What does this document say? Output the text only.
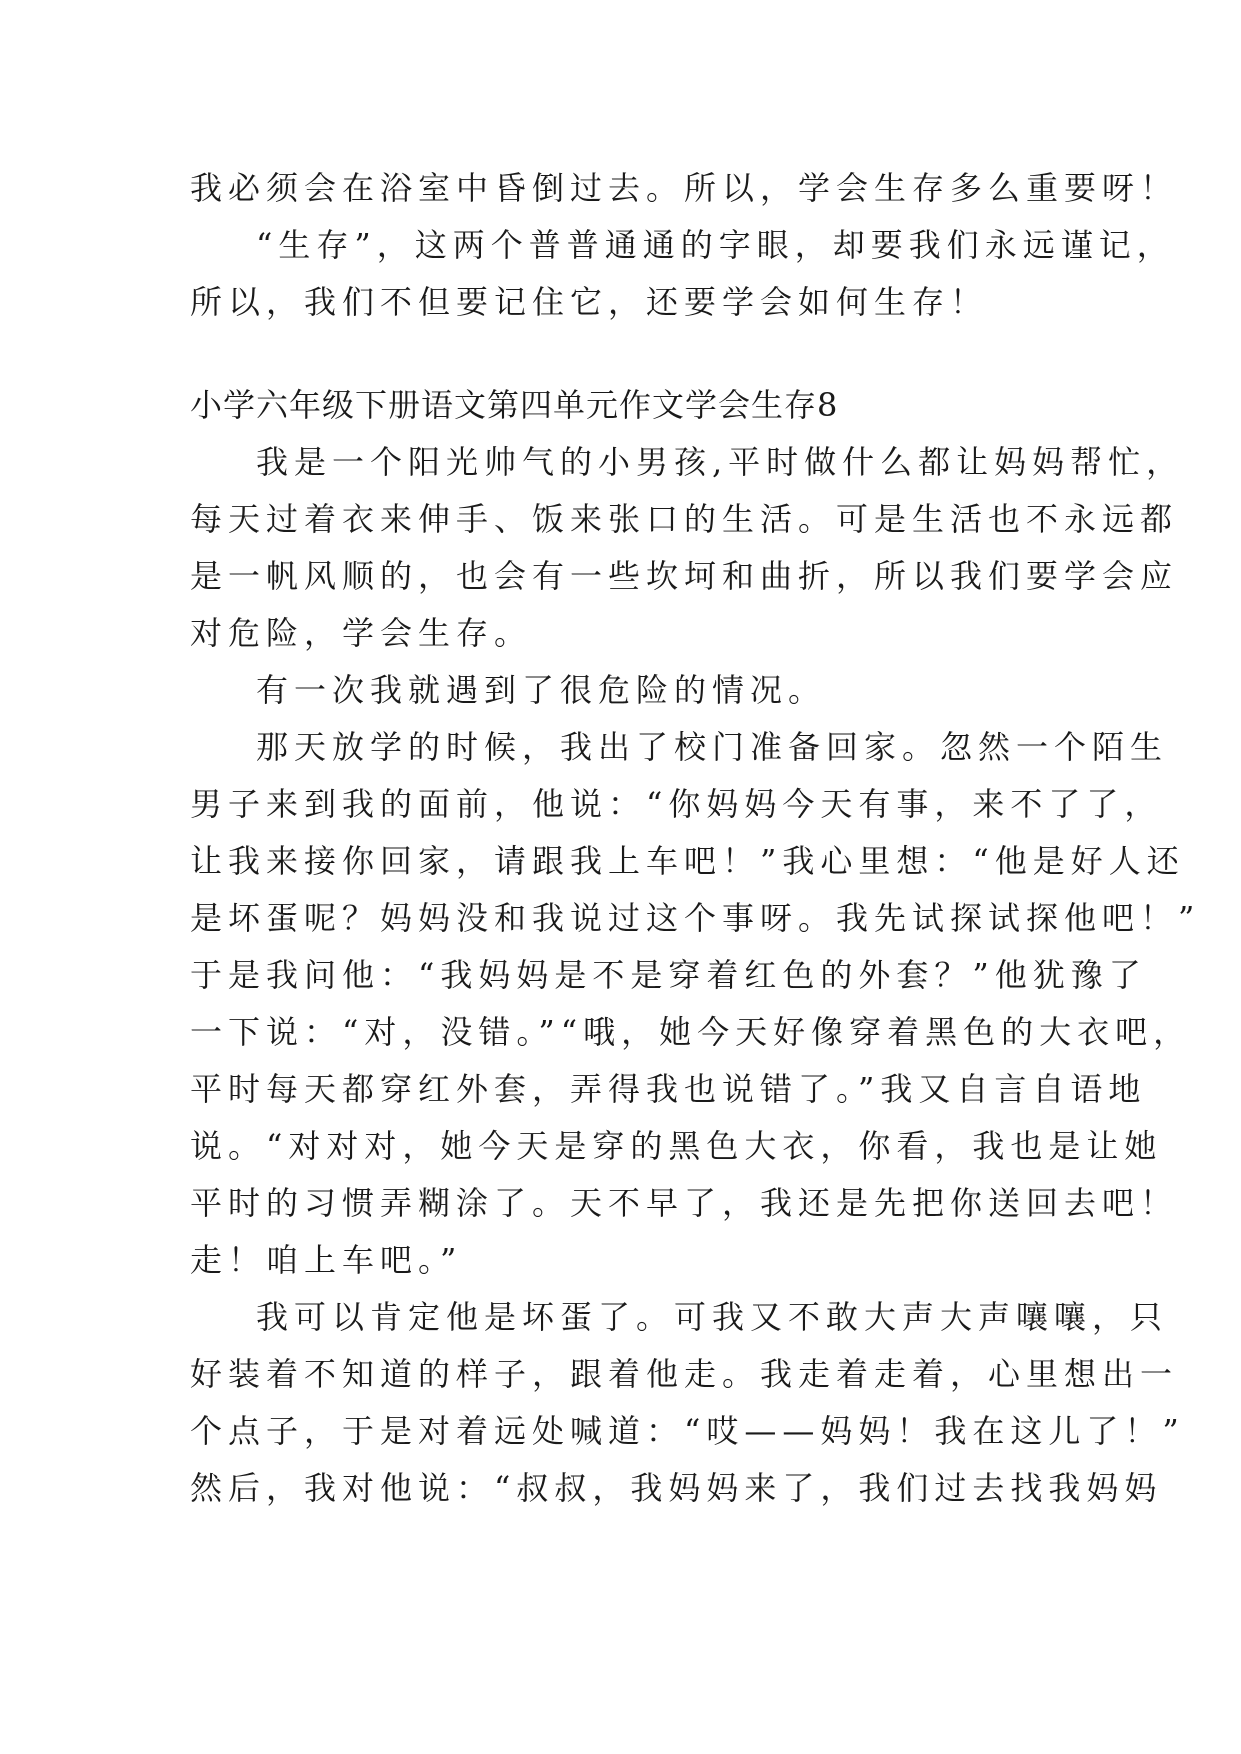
我必须会在浴室中昏倒过去。所以，学会生存多么重要呀！
“生存”，这两个普普通通的字眼，却要我们永远谨记，
所以，我们不但要记住它，还要学会如何生存！
小学六年级下册语文第四单元作文学会生存8
我是一个阳光帅气的小男孩,平时做什么都让妈妈帮忙，
每天过着衣来伸手、饭来张口的生活。可是生活也不永远都
是一帆风顺的，也会有一些坎坷和曲折，所以我们要学会应
对危险，学会生存。
有一次我就遇到了很危险的情况。
那天放学的时候，我出了校门准备回家。忽然一个陌生
男子来到我的面前，他说：“你妈妈今天有事，来不了了，
让我来接你回家，请跟我上车吧！”我心里想：“他是好人还
是坏蛋呢？妈妈没和我说过这个事呀。我先试探试探他吧！”
于是我问他：“我妈妈是不是穿着红色的外套？”他犹豫了
一下说：“对，没错。”“哦，她今天好像穿着黑色的大衣吧，
平时每天都穿红外套，弄得我也说错了。”我又自言自语地
说。“对对对，她今天是穿的黑色大衣，你看，我也是让她
平时的习惯弄糊涂了。天不早了，我还是先把你送回去吧！
走！咱上车吧。”
我可以肯定他是坏蛋了。可我又不敢大声大声嚷嚷，只
好装着不知道的样子，跟着他走。我走着走着，心里想出一
个点子，于是对着远处喊道：“哎——妈妈！我在这儿了！”
然后，我对他说：“叔叔，我妈妈来了，我们过去找我妈妈
